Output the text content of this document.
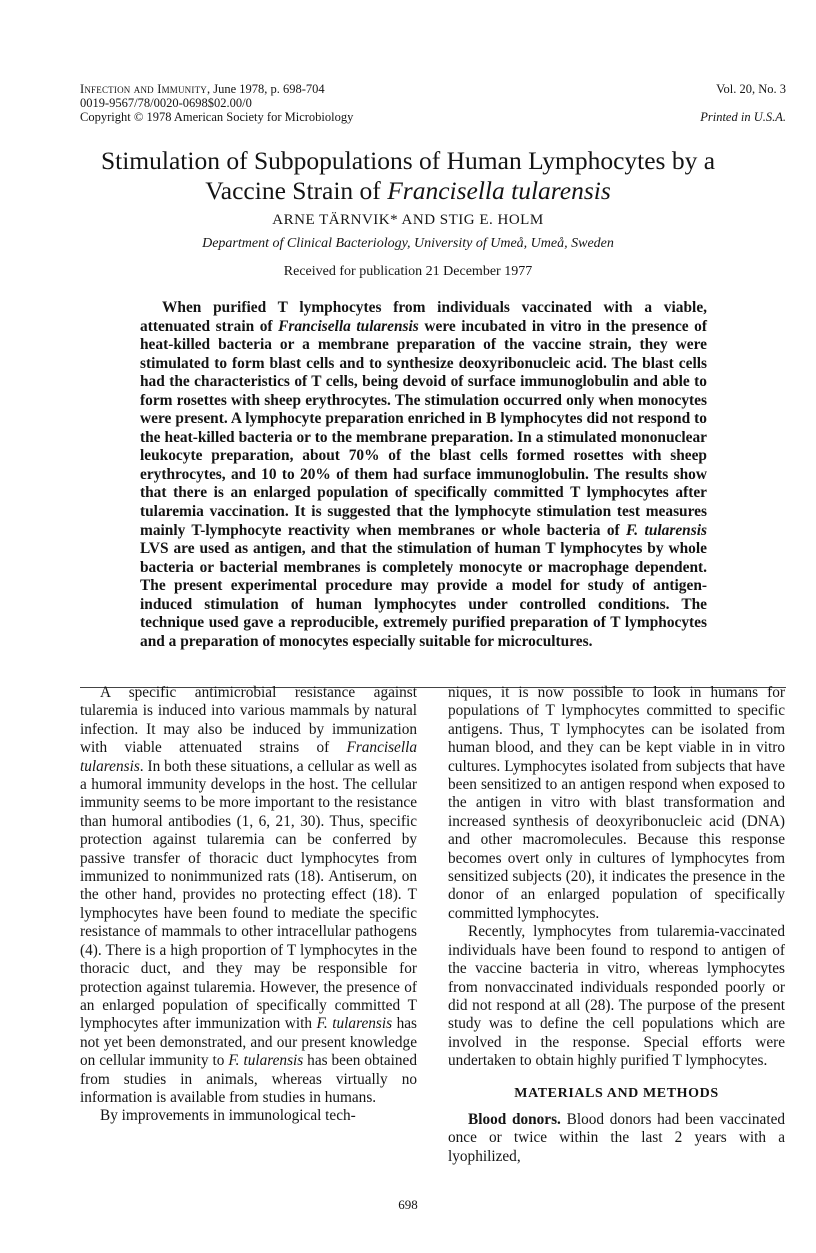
Infection and Immunity, June 1978, p. 698-704
0019-9567/78/0020-0698$02.00/0
Copyright © 1978 American Society for Microbiology
Vol. 20, No. 3
Printed in U.S.A.
Stimulation of Subpopulations of Human Lymphocytes by a
Vaccine Strain of Francisella tularensis
ARNE TÄRNVIK* AND STIG E. HOLM
Department of Clinical Bacteriology, University of Umeå, Umeå, Sweden
Received for publication 21 December 1977

When purified T lymphocytes from individuals vaccinated with a viable, attenuated strain of Francisella tularensis were incubated in vitro in the presence of heat-killed bacteria or a membrane preparation of the vaccine strain, they were stimulated to form blast cells and to synthesize deoxyribonucleic acid. The blast cells had the characteristics of T cells, being devoid of surface immunoglobulin and able to form rosettes with sheep erythrocytes. The stimulation occurred only when monocytes were present. A lymphocyte preparation enriched in B lymphocytes did not respond to the heat-killed bacteria or to the membrane preparation. In a stimulated mononuclear leukocyte preparation, about 70% of the blast cells formed rosettes with sheep erythrocytes, and 10 to 20% of them had surface immunoglobulin. The results show that there is an enlarged population of specifically committed T lymphocytes after tularemia vaccination. It is suggested that the lymphocyte stimulation test measures mainly T-lymphocyte reactivity when membranes or whole bacteria of F. tularensis LVS are used as antigen, and that the stimulation of human T lymphocytes by whole bacteria or bacterial membranes is completely monocyte or macrophage dependent. The present experimental procedure may provide a model for study of antigen-induced stimulation of human lymphocytes under controlled conditions. The technique used gave a reproducible, extremely purified preparation of T lymphocytes and a preparation of monocytes especially suitable for microcultures.

A specific antimicrobial resistance against tularemia is induced into various mammals by natural infection. It may also be induced by immunization with viable attenuated strains of Francisella tularensis. In both these situations, a cellular as well as a humoral immunity develops in the host. The cellular immunity seems to be more important to the resistance than humoral antibodies (1, 6, 21, 30). Thus, specific protection against tularemia can be conferred by passive transfer of thoracic duct lymphocytes from immunized to nonimmunized rats (18). Antiserum, on the other hand, provides no protecting effect (18). T lymphocytes have been found to mediate the specific resistance of mammals to other intracellular pathogens (4). There is a high proportion of T lymphocytes in the thoracic duct, and they may be responsible for protection against tularemia. However, the presence of an enlarged population of specifically committed T lymphocytes after immunization with F. tularensis has not yet been demonstrated, and our present knowledge on cellular immunity to F. tularensis has been obtained from studies in animals, whereas virtually no information is available from studies in humans.

By improvements in immunological tech-

niques, it is now possible to look in humans for populations of T lymphocytes committed to specific antigens. Thus, T lymphocytes can be isolated from human blood, and they can be kept viable in in vitro cultures. Lymphocytes isolated from subjects that have been sensitized to an antigen respond when exposed to the antigen in vitro with blast transformation and increased synthesis of deoxyribonucleic acid (DNA) and other macromolecules. Because this response becomes overt only in cultures of lymphocytes from sensitized subjects (20), it indicates the presence in the donor of an enlarged population of specifically committed lymphocytes.

Recently, lymphocytes from tularemia-vaccinated individuals have been found to respond to antigen of the vaccine bacteria in vitro, whereas lymphocytes from nonvaccinated individuals responded poorly or did not respond at all (28). The purpose of the present study was to define the cell populations which are involved in the response. Special efforts were undertaken to obtain highly purified T lymphocytes.

MATERIALS AND METHODS

Blood donors. Blood donors had been vaccinated once or twice within the last 2 years with a lyophilized,

698
